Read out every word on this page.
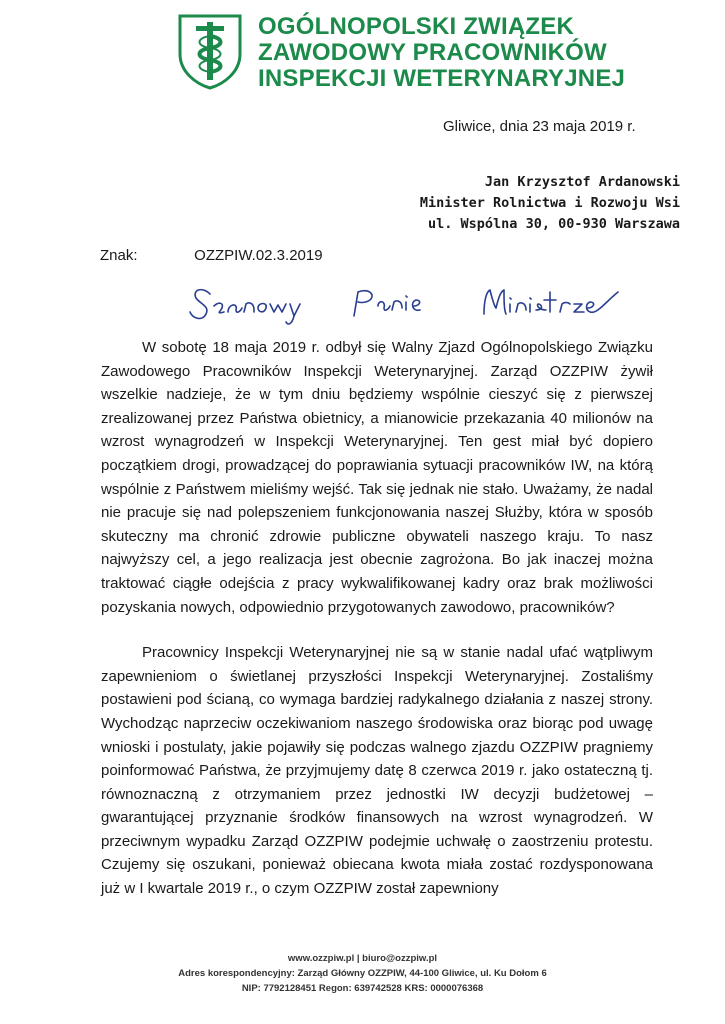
OGÓLNOPOLSKI ZWIĄZEK
ZAWODOWY PRACOWNIKÓW
INSPEKCJI WETERYNARYJNEJ
Gliwice, dnia 23 maja 2019 r.
Jan Krzysztof Ardanowski
Minister Rolnictwa i Rozwoju Wsi
ul. Wspólna 30, 00-930 Warszawa
Znak:	OZZPIW.02.3.2019

W sobotę 18 maja 2019 r. odbył się Walny Zjazd Ogólnopolskiego Związku Zawodowego Pracowników Inspekcji Weterynaryjnej. Zarząd OZZPIW żywił wszelkie nadzieje, że w tym dniu będziemy wspólnie cieszyć się z pierwszej zrealizowanej przez Państwa obietnicy, a mianowicie przekazania 40 milionów na wzrost wynagrodzeń w Inspekcji Weterynaryjnej. Ten gest miał być dopiero początkiem drogi, prowadzącej do poprawiania sytuacji pracowników IW, na którą wspólnie z Państwem mieliśmy wejść. Tak się jednak nie stało. Uważamy, że nadal nie pracuje się nad polepszeniem funkcjonowania naszej Służby, która w sposób skuteczny ma chronić zdrowie publiczne obywateli naszego kraju. To nasz najwyższy cel, a jego realizacja jest obecnie zagrożona. Bo jak inaczej można traktować ciągłe odejścia z pracy wykwalifikowanej kadry oraz brak możliwości pozyskania nowych, odpowiednio przygotowanych zawodowo, pracowników?

Pracownicy Inspekcji Weterynaryjnej nie są w stanie nadal ufać wątpliwym zapewnieniom o świetlanej przyszłości Inspekcji Weterynaryjnej. Zostaliśmy postawieni pod ścianą, co wymaga bardziej radykalnego działania z naszej strony. Wychodząc naprzeciw oczekiwaniom naszego środowiska oraz biorąc pod uwagę wnioski i postulaty, jakie pojawiły się podczas walnego zjazdu OZZPIW pragniemy poinformować Państwa, że przyjmujemy datę 8 czerwca 2019 r. jako ostateczną tj. równoznaczną z otrzymaniem przez jednostki IW decyzji budżetowej – gwarantującej przyznanie środków finansowych na wzrost wynagrodzeń. W przeciwnym wypadku Zarząd OZZPIW podejmie uchwałę o zaostrzeniu protestu. Czujemy się oszukani, ponieważ obiecana kwota miała zostać rozdysponowana już w I kwartale 2019 r., o czym OZZPIW został zapewniony

www.ozzpiw.pl | biuro@ozzpiw.pl
Adres korespondencyjny: Zarząd Główny OZZPIW, 44-100 Gliwice, ul. Ku Dołom 6
NIP: 7792128451 Regon: 639742528 KRS: 0000076368
